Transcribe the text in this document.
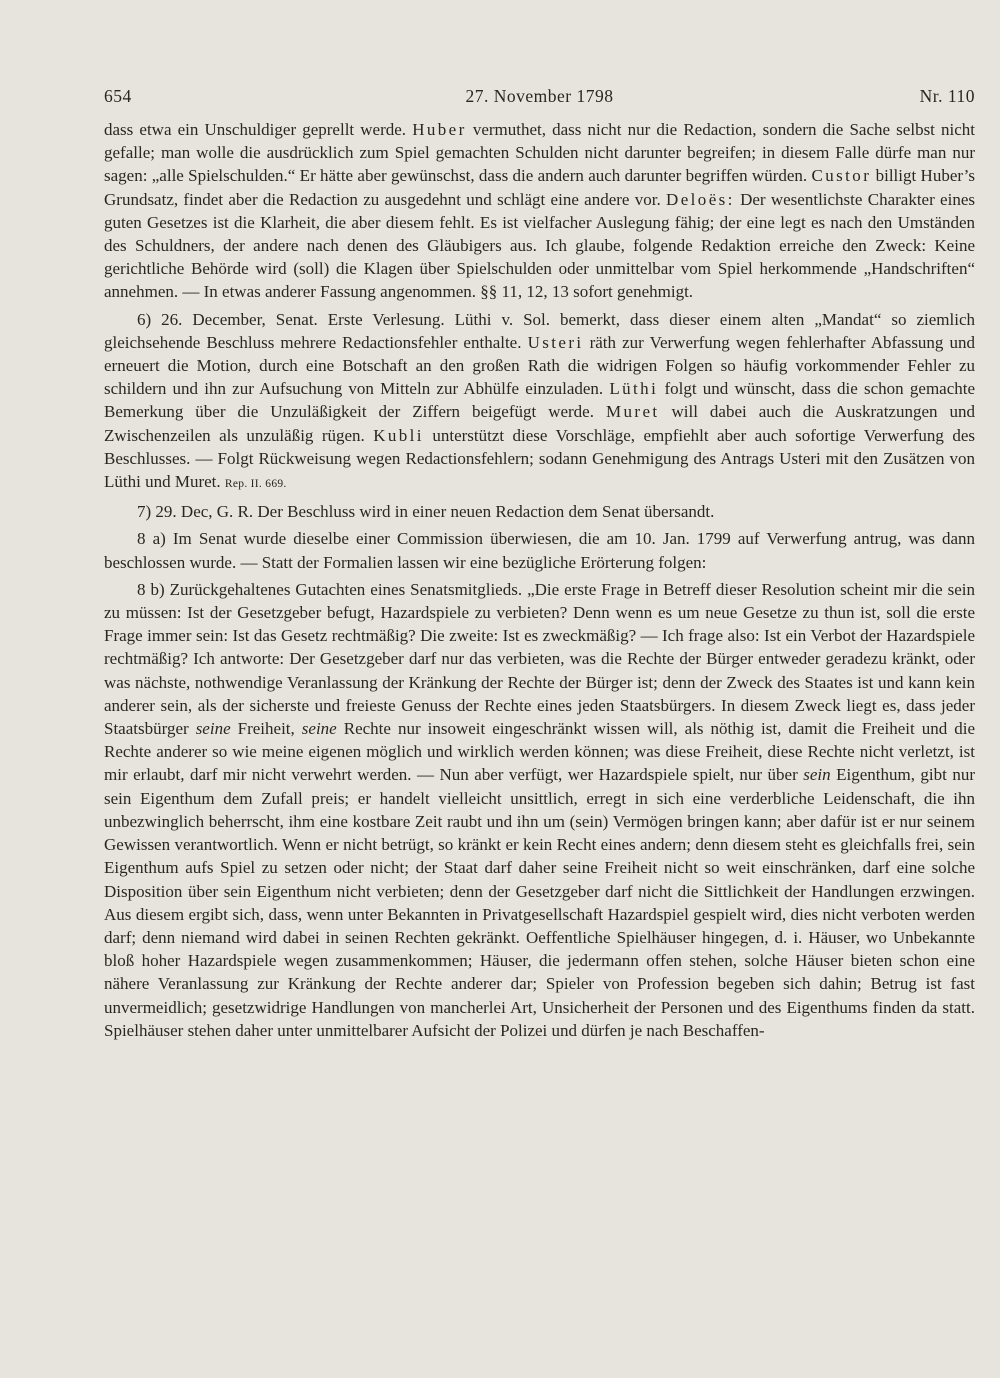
654	27. November 1798	Nr. 110

dass etwa ein Unschuldiger geprellt werde. Huber vermuthet, dass nicht nur die Redaction, sondern die Sache selbst nicht gefalle; man wolle die ausdrücklich zum Spiel gemachten Schulden nicht darunter begreifen; in diesem Falle dürfe man nur sagen: „alle Spielschulden.“ Er hätte aber gewünschst, dass die andern auch darunter begriffen würden. Custor billigt Huber’s Grundsatz, findet aber die Redaction zu ausgedehnt und schlägt eine andere vor. Deloës: Der wesentlichste Charakter eines guten Gesetzes ist die Klarheit, die aber diesem fehlt. Es ist vielfacher Auslegung fähig; der eine legt es nach den Umständen des Schuldners, der andere nach denen des Gläubigers aus. Ich glaube, folgende Redaktion erreiche den Zweck: Keine gerichtliche Behörde wird (soll) die Klagen über Spielschulden oder unmittelbar vom Spiel herkommende „Handschriften“ annehmen. — In etwas anderer Fassung angenommen. §§ 11, 12, 13 sofort genehmigt.

6) 26. December, Senat. Erste Verlesung. Lüthi v. Sol. bemerkt, dass dieser einem alten „Mandat“ so ziemlich gleichsehende Beschluss mehrere Redactionsfehler enthalte. Usteri räth zur Verwerfung wegen fehlerhafter Abfassung und erneuert die Motion, durch eine Botschaft an den großen Rath die widrigen Folgen so häufig vorkommender Fehler zu schildern und ihn zur Aufsuchung von Mitteln zur Abhülfe einzuladen. Lüthi folgt und wünscht, dass die schon gemachte Bemerkung über die Unzuläßigkeit der Ziffern beigefügt werde. Muret will dabei auch die Auskratzungen und Zwischenzeilen als unzuläßig rügen. Kubli unterstützt diese Vorschläge, empfiehlt aber auch sofortige Verwerfung des Beschlusses. — Folgt Rückweisung wegen Redactionsfehlern; sodann Genehmigung des Antrags Usteri mit den Zusätzen von Lüthi und Muret. Rep. II. 669.

7) 29. Dec, G. R. Der Beschluss wird in einer neuen Redaction dem Senat übersandt.

8 a) Im Senat wurde dieselbe einer Commission überwiesen, die am 10. Jan. 1799 auf Verwerfung antrug, was dann beschlossen wurde. — Statt der Formalien lassen wir eine bezügliche Erörterung folgen:

8 b) Zurückgehaltenes Gutachten eines Senatsmitglieds. „Die erste Frage in Betreff dieser Resolution scheint mir die sein zu müssen: Ist der Gesetzgeber befugt, Hazardspiele zu verbieten? Denn wenn es um neue Gesetze zu thun ist, soll die erste Frage immer sein: Ist das Gesetz rechtmäßig? Die zweite: Ist es zweckmäßig? — Ich frage also: Ist ein Verbot der Hazardspiele rechtmäßig? Ich antworte: Der Gesetzgeber darf nur das verbieten, was die Rechte der Bürger entweder geradezu kränkt, oder was nächste, nothwendige Veranlassung der Kränkung der Rechte der Bürger ist; denn der Zweck des Staates ist und kann kein anderer sein, als der sicherste und freieste Genuss der Rechte eines jeden Staatsbürgers. In diesem Zweck liegt es, dass jeder Staatsbürger seine Freiheit, seine Rechte nur insoweit eingeschränkt wissen will, als nöthig ist, damit die Freiheit und die Rechte anderer so wie meine eigenen möglich und wirklich werden können; was diese Freiheit, diese Rechte nicht verletzt, ist mir erlaubt, darf mir nicht verwehrt werden. — Nun aber verfügt, wer Hazardspiele spielt, nur über sein Eigenthum, gibt nur sein Eigenthum dem Zufall preis; er handelt vielleicht unsittlich, erregt in sich eine verderbliche Leidenschaft, die ihn unbezwinglich beherrscht, ihm eine kostbare Zeit raubt und ihn um (sein) Vermögen bringen kann; aber dafür ist er nur seinem Gewissen verantwortlich. Wenn er nicht betrügt, so kränkt er kein Recht eines andern; denn diesem steht es gleichfalls frei, sein Eigenthum aufs Spiel zu setzen oder nicht; der Staat darf daher seine Freiheit nicht so weit einschränken, darf eine solche Disposition über sein Eigenthum nicht verbieten; denn der Gesetzgeber darf nicht die Sittlichkeit der Handlungen erzwingen. Aus diesem ergibt sich, dass, wenn unter Bekannten in Privatgesellschaft Hazardspiel gespielt wird, dies nicht verboten werden darf; denn niemand wird dabei in seinen Rechten gekränkt. Oeffentliche Spielhäuser hingegen, d. i. Häuser, wo Unbekannte bloß hoher Hazardspiele wegen zusammenkommen; Häuser, die jedermann offen stehen, solche Häuser bieten schon eine nähere Veranlassung zur Kränkung der Rechte anderer dar; Spieler von Profession begeben sich dahin; Betrug ist fast unvermeidlich; gesetzwidrige Handlungen von mancherlei Art, Unsicherheit der Personen und des Eigenthums finden da statt. Spielhäuser stehen daher unter unmittelbarer Aufsicht der Polizei und dürfen je nach Beschaffen-
